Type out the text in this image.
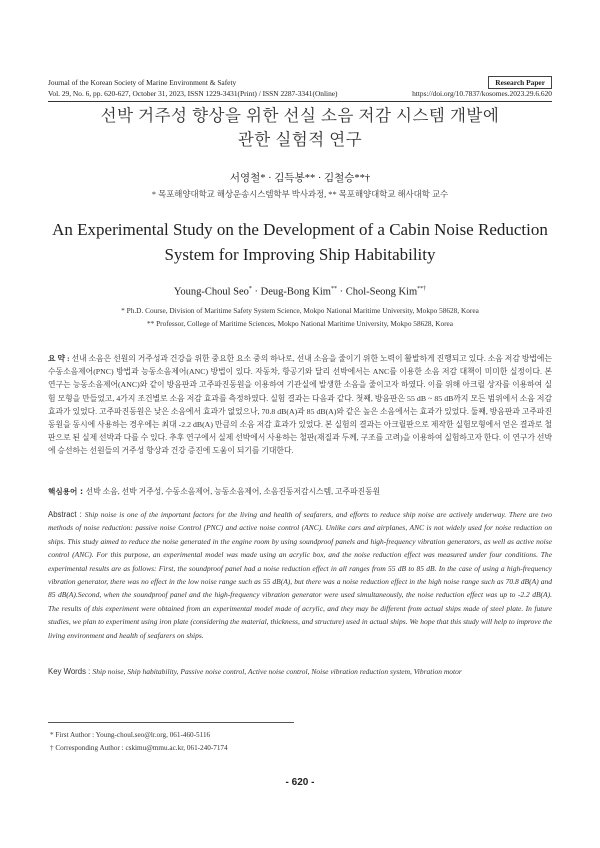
Journal of the Korean Society of Marine Environment & Safety	Research Paper
Vol. 29, No. 6, pp. 620-627, October 31, 2023, ISSN 1229-3431(Print) / ISSN 2287-3341(Online)	https://doi.org/10.7837/kosomes.2023.29.6.620
선박 거주성 향상을 위한 선실 소음 저감 시스템 개발에
관한 실험적 연구
서영철* · 김득봉** · 김철승**†
* 목포해양대학교 해상운송시스템학부 박사과정, ** 목포해양대학교 해사대학 교수
An Experimental Study on the Development of a Cabin Noise Reduction
System for Improving Ship Habitability
Young-Choul Seo* · Deug-Bong Kim** · Chol-Seong Kim**†
* Ph.D. Course, Division of Maritime Safety System Science, Mokpo National Maritime University, Mokpo 58628, Korea
** Professor, College of Maritime Sciences, Mokpo National Maritime University, Mokpo 58628, Korea
요 약 : 선내 소음은 선원의 거주성과 건강을 위한 중요한 요소 중의 하나로, 선내 소음을 줄이기 위한 노력이 활발하게 진행되고 있다. 소음 저감 방법에는 수동소음제어(PNC) 방법과 능동소음제어(ANC) 방법이 있다. 자동차, 항공기와 달리 선박에서는 ANC를 이용한 소음 저감 대책이 미미한 실정이다. 본 연구는 능동소음제어(ANC)와 같이 방음판과 고주파진동원을 이용하여 기관실에 발생한 소음을 줄이고자 하였다. 이를 위해 아크릴 상자를 이용하여 실험 모형을 만들었고, 4가지 조건별로 소음 저감 효과를 측정하였다. 실험 결과는 다음과 같다. 첫째, 방음판은 55 dB ~ 85 dB까지 모든 범위에서 소음 저감 효과가 있었다. 고주파진동원은 낮은 소음에서 효과가 없었으나, 70.8 dB(A)과 85 dB(A)와 같은 높은 소음에서는 효과가 있었다. 둘째, 방음판과 고주파진동원을 동시에 사용하는 경우에는 최대 -2.2 dB(A) 만큼의 소음 저감 효과가 있었다. 본 실험의 결과는 아크릴판으로 제작한 실험모형에서 얻은 결과로 철판으로 된 실제 선박과 다를 수 있다. 추후 연구에서 실제 선박에서 사용하는 철판(재질과 두께, 구조를 고려)을 이용하여 실험하고자 한다. 이 연구가 선박에 승선하는 선원들의 거주성 향상과 건강 증진에 도움이 되기를 기대한다.
핵심용어 : 선박 소음, 선박 거주성, 수동소음제어, 능동소음제어, 소음진동저감시스템, 고주파진동원
Abstract : Ship noise is one of the important factors for the living and health of seafarers, and efforts to reduce ship noise are actively underway. There are two methods of noise reduction: passive noise Control (PNC) and active noise control (ANC). Unlike cars and airplanes, ANC is not widely used for noise reduction on ships. This study aimed to reduce the noise generated in the engine room by using soundproof panels and high-frequency vibration generators, as well as active noise control (ANC). For this purpose, an experimental model was made using an acrylic box, and the noise reduction effect was measured under four conditions. The experimental results are as follows: First, the soundproof panel had a noise reduction effect in all ranges from 55 dB to 85 dB. In the case of using a high-frequency vibration generator, there was no effect in the low noise range such as 55 dB(A), but there was a noise reduction effect in the high noise range such as 70.8 dB(A) and 85 dB(A).Second, when the soundproof panel and the high-frequency vibration generator were used simultaneously, the noise reduction effect was up to -2.2 dB(A). The results of this experiment were obtained from an experimental model made of acrylic, and they may be different from actual ships made of steel plate. In future studies, we plan to experiment using iron plate (considering the material, thickness, and structure) used in actual ships. We hope that this study will help to improve the living environment and health of seafarers on ships.
Key Words : Ship noise, Ship habitability, Passive noise control, Active noise control, Noise vibration reduction system, Vibration motor
* First Author : Young-choul.seo@lr.org, 061-460-5116
† Corresponding Author : cskimu@mmu.ac.kr, 061-240-7174
- 620 -
